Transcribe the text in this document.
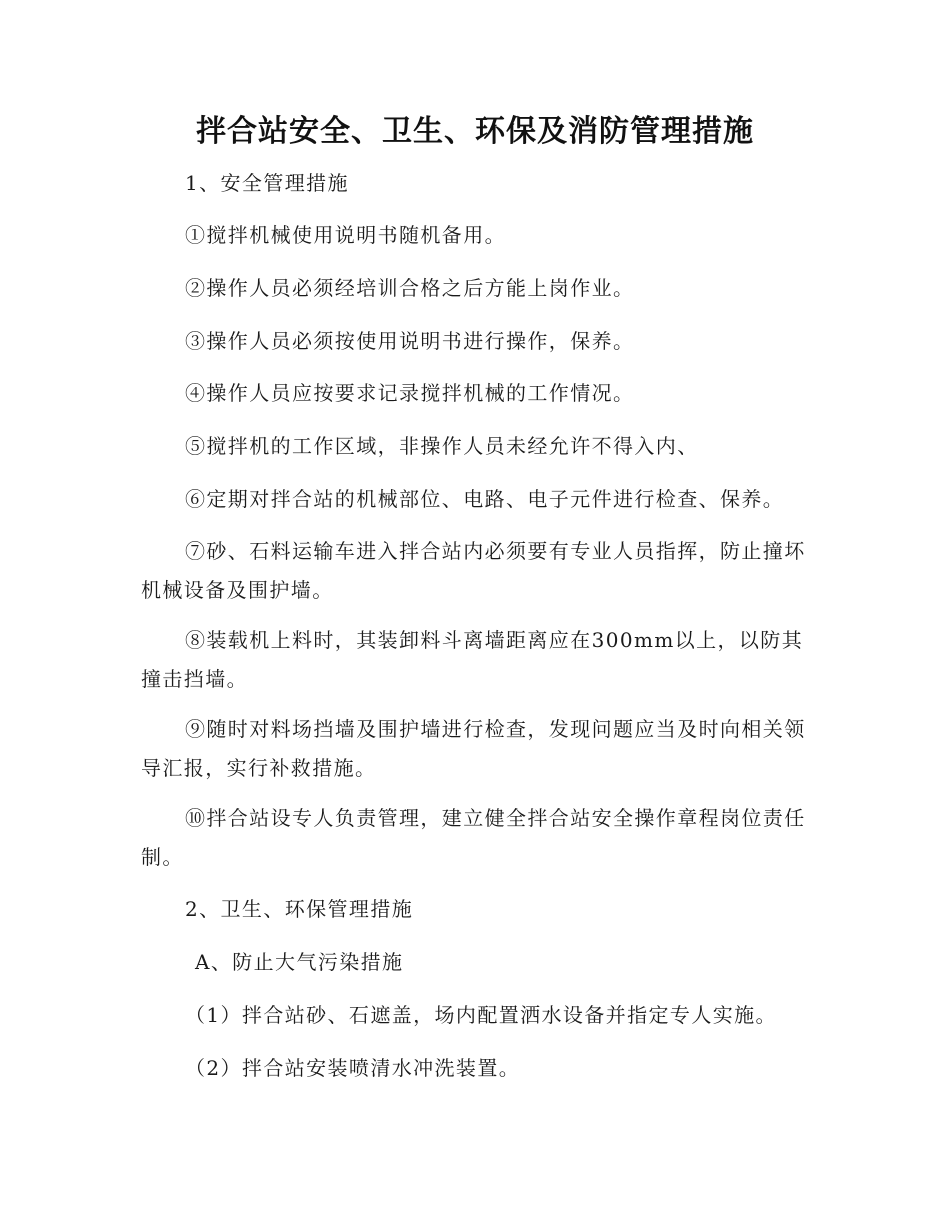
拌合站安全、卫生、环保及消防管理措施

1、安全管理措施

①搅拌机械使用说明书随机备用。

②操作人员必须经培训合格之后方能上岗作业。

③操作人员必须按使用说明书进行操作，保养。

④操作人员应按要求记录搅拌机械的工作情况。

⑤搅拌机的工作区域，非操作人员未经允许不得入内、

⑥定期对拌合站的机械部位、电路、电子元件进行检查、保养。

⑦砂、石料运输车进入拌合站内必须要有专业人员指挥，防止撞坏机械设备及围护墙。

⑧装载机上料时，其装卸料斗离墙距离应在300mm以上，以防其撞击挡墙。

⑨随时对料场挡墙及围护墙进行检查，发现问题应当及时向相关领导汇报，实行补救措施。

⑩拌合站设专人负责管理，建立健全拌合站安全操作章程岗位责任制。

2、卫生、环保管理措施

A、防止大气污染措施

（1）拌合站砂、石遮盖，场内配置洒水设备并指定专人实施。

（2）拌合站安装喷清水冲洗装置。
